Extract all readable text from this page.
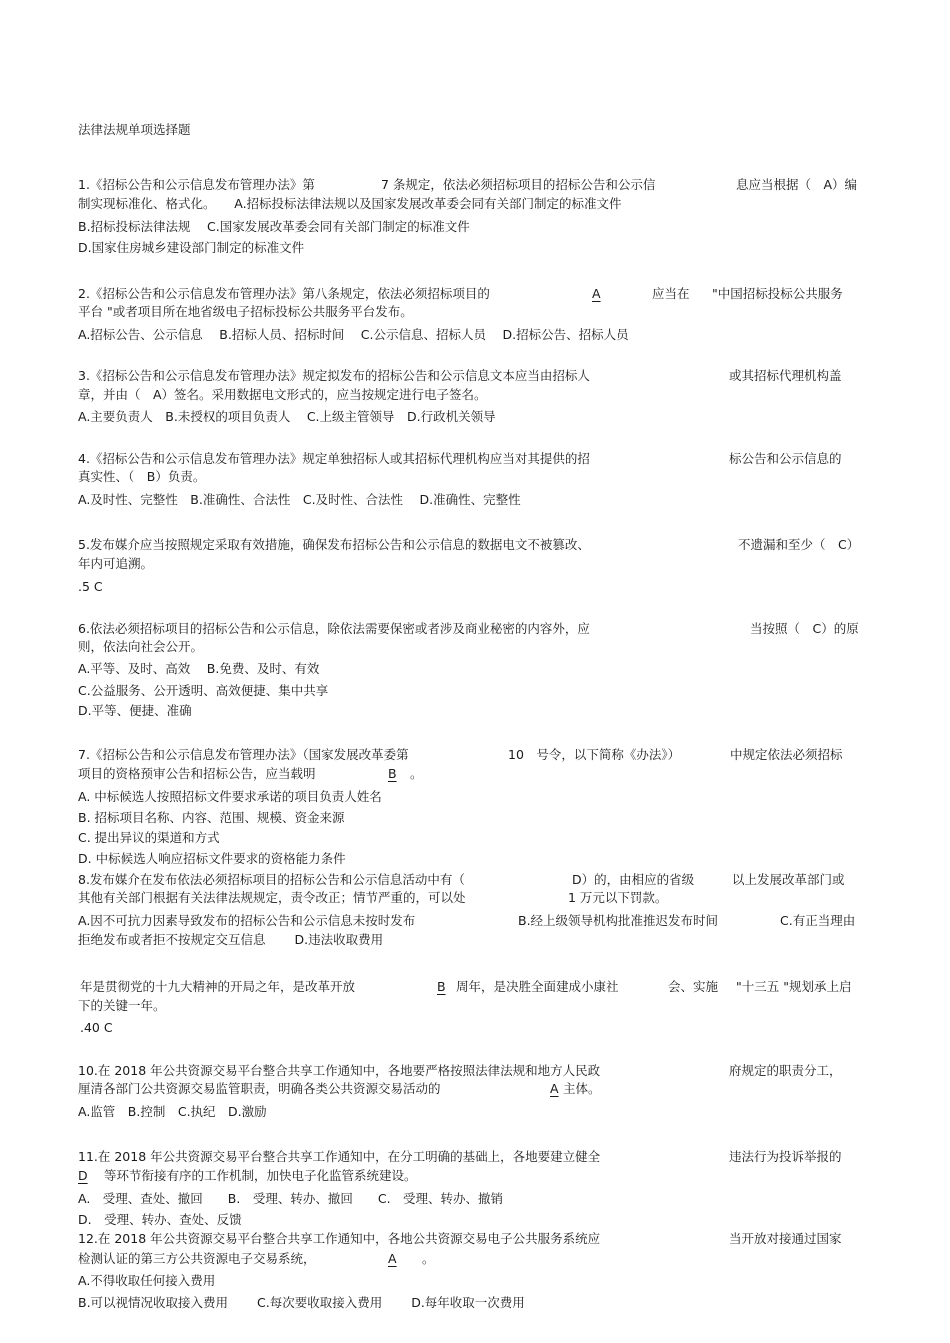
法律法规单项选择题
1.《招标公告和公示信息发布管理办法》第	7 条规定，依法必须招标项目的招标公告和公示信	息应当根据（　A）编
制实现标准化、格式化。　　A.招标投标法律法规以及国家发展改革委会同有关部门制定的标准文件
B.招标投标法律法规　 C.国家发展改革委会同有关部门制定的标准文件
D.国家住房城乡建设部门制定的标准文件
2.《招标公告和公示信息发布管理办法》第八条规定，依法必须招标项目的	A	应当在 "中国招标投标公共服务
平台 "或者项目所在地省级电子招标投标公共服务平台发布。
A.招标公告、公示信息　 B.招标人员、招标时间　 C.公示信息、招标人员　 D.招标公告、招标人员
3.《招标公告和公示信息发布管理办法》规定拟发布的招标公告和公示信息文本应当由招标人	或其招标代理机构盖
章，并由（　A）签名。采用数据电文形式的，应当按规定进行电子签名。
A.主要负责人　B.未授权的项目负责人　 C.上级主管领导　D.行政机关领导
4.《招标公告和公示信息发布管理办法》规定单独招标人或其招标代理机构应当对其提供的招	标公告和公示信息的
真实性、（　B）负责。
A.及时性、完整性　B.准确性、合法性　C.及时性、合法性　 D.准确性、完整性
5.发布媒介应当按照规定采取有效措施，确保发布招标公告和公示信息的数据电文不被篡改、	不遗漏和至少（　C）
年内可追溯。
.5 C
6.依法必须招标项目的招标公告和公示信息，除依法需要保密或者涉及商业秘密的内容外，应	当按照（　C）的原
则，依法向社会公开。
A.平等、及时、高效　 B.免费、及时、有效
C.公益服务、公开透明、高效便捷、集中共享
D.平等、便捷、准确
7.《招标公告和公示信息发布管理办法》（国家发展改革委第	10　号令，以下简称《办法》）	中规定依法必须招标
项目的资格预审公告和招标公告，应当载明	B	。
A. 中标候选人按照招标文件要求承诺的项目负责人姓名
B. 招标项目名称、内容、范围、规模、资金来源
C. 提出异议的渠道和方式
D. 中标候选人响应招标文件要求的资格能力条件
8.发布媒介在发布依法必须招标项目的招标公告和公示信息活动中有（	D）的，由相应的省级	以上发展改革部门或
其他有关部门根据有关法律法规规定，责令改正；情节严重的，可以处	1 万元以下罚款。
A.因不可抗力因素导致发布的招标公告和公示信息未按时发布	B.经上级领导机构批准推迟发布时间	C.有正当理由
拒绝发布或者拒不按规定交互信息　　 D.违法收取费用
年是贯彻党的十九大精神的开局之年，是改革开放	B 周年，是决胜全面建成小康社	会、实施 "十三五 "规划承上启
下的关键一年。
.40 C
10.在 2018 年公共资源交易平台整合共享工作通知中，各地要严格按照法律法规和地方人民政	府规定的职责分工，
厘清各部门公共资源交易监管职责，明确各类公共资源交易活动的	A 主体。
A.监管　B.控制　C.执纪　D.激励
11.在 2018 年公共资源交易平台整合共享工作通知中，在分工明确的基础上，各地要建立健全	违法行为投诉举报的
D	等环节衔接有序的工作机制，加快电子化监管系统建设。
A.　受理、查处、撤回　　B.　受理、转办、撤回　　C.　受理、转办、撤销
D.　受理、转办、查处、反馈
12.在 2018 年公共资源交易平台整合共享工作通知中，各地公共资源交易电子公共服务系统应	当开放对接通过国家
检测认证的第三方公共资源电子交易系统，	A	。
A.不得收取任何接入费用
B.可以视情况收取接入费用　　 C.每次要收取接入费用　　 D.每年收取一次费用
